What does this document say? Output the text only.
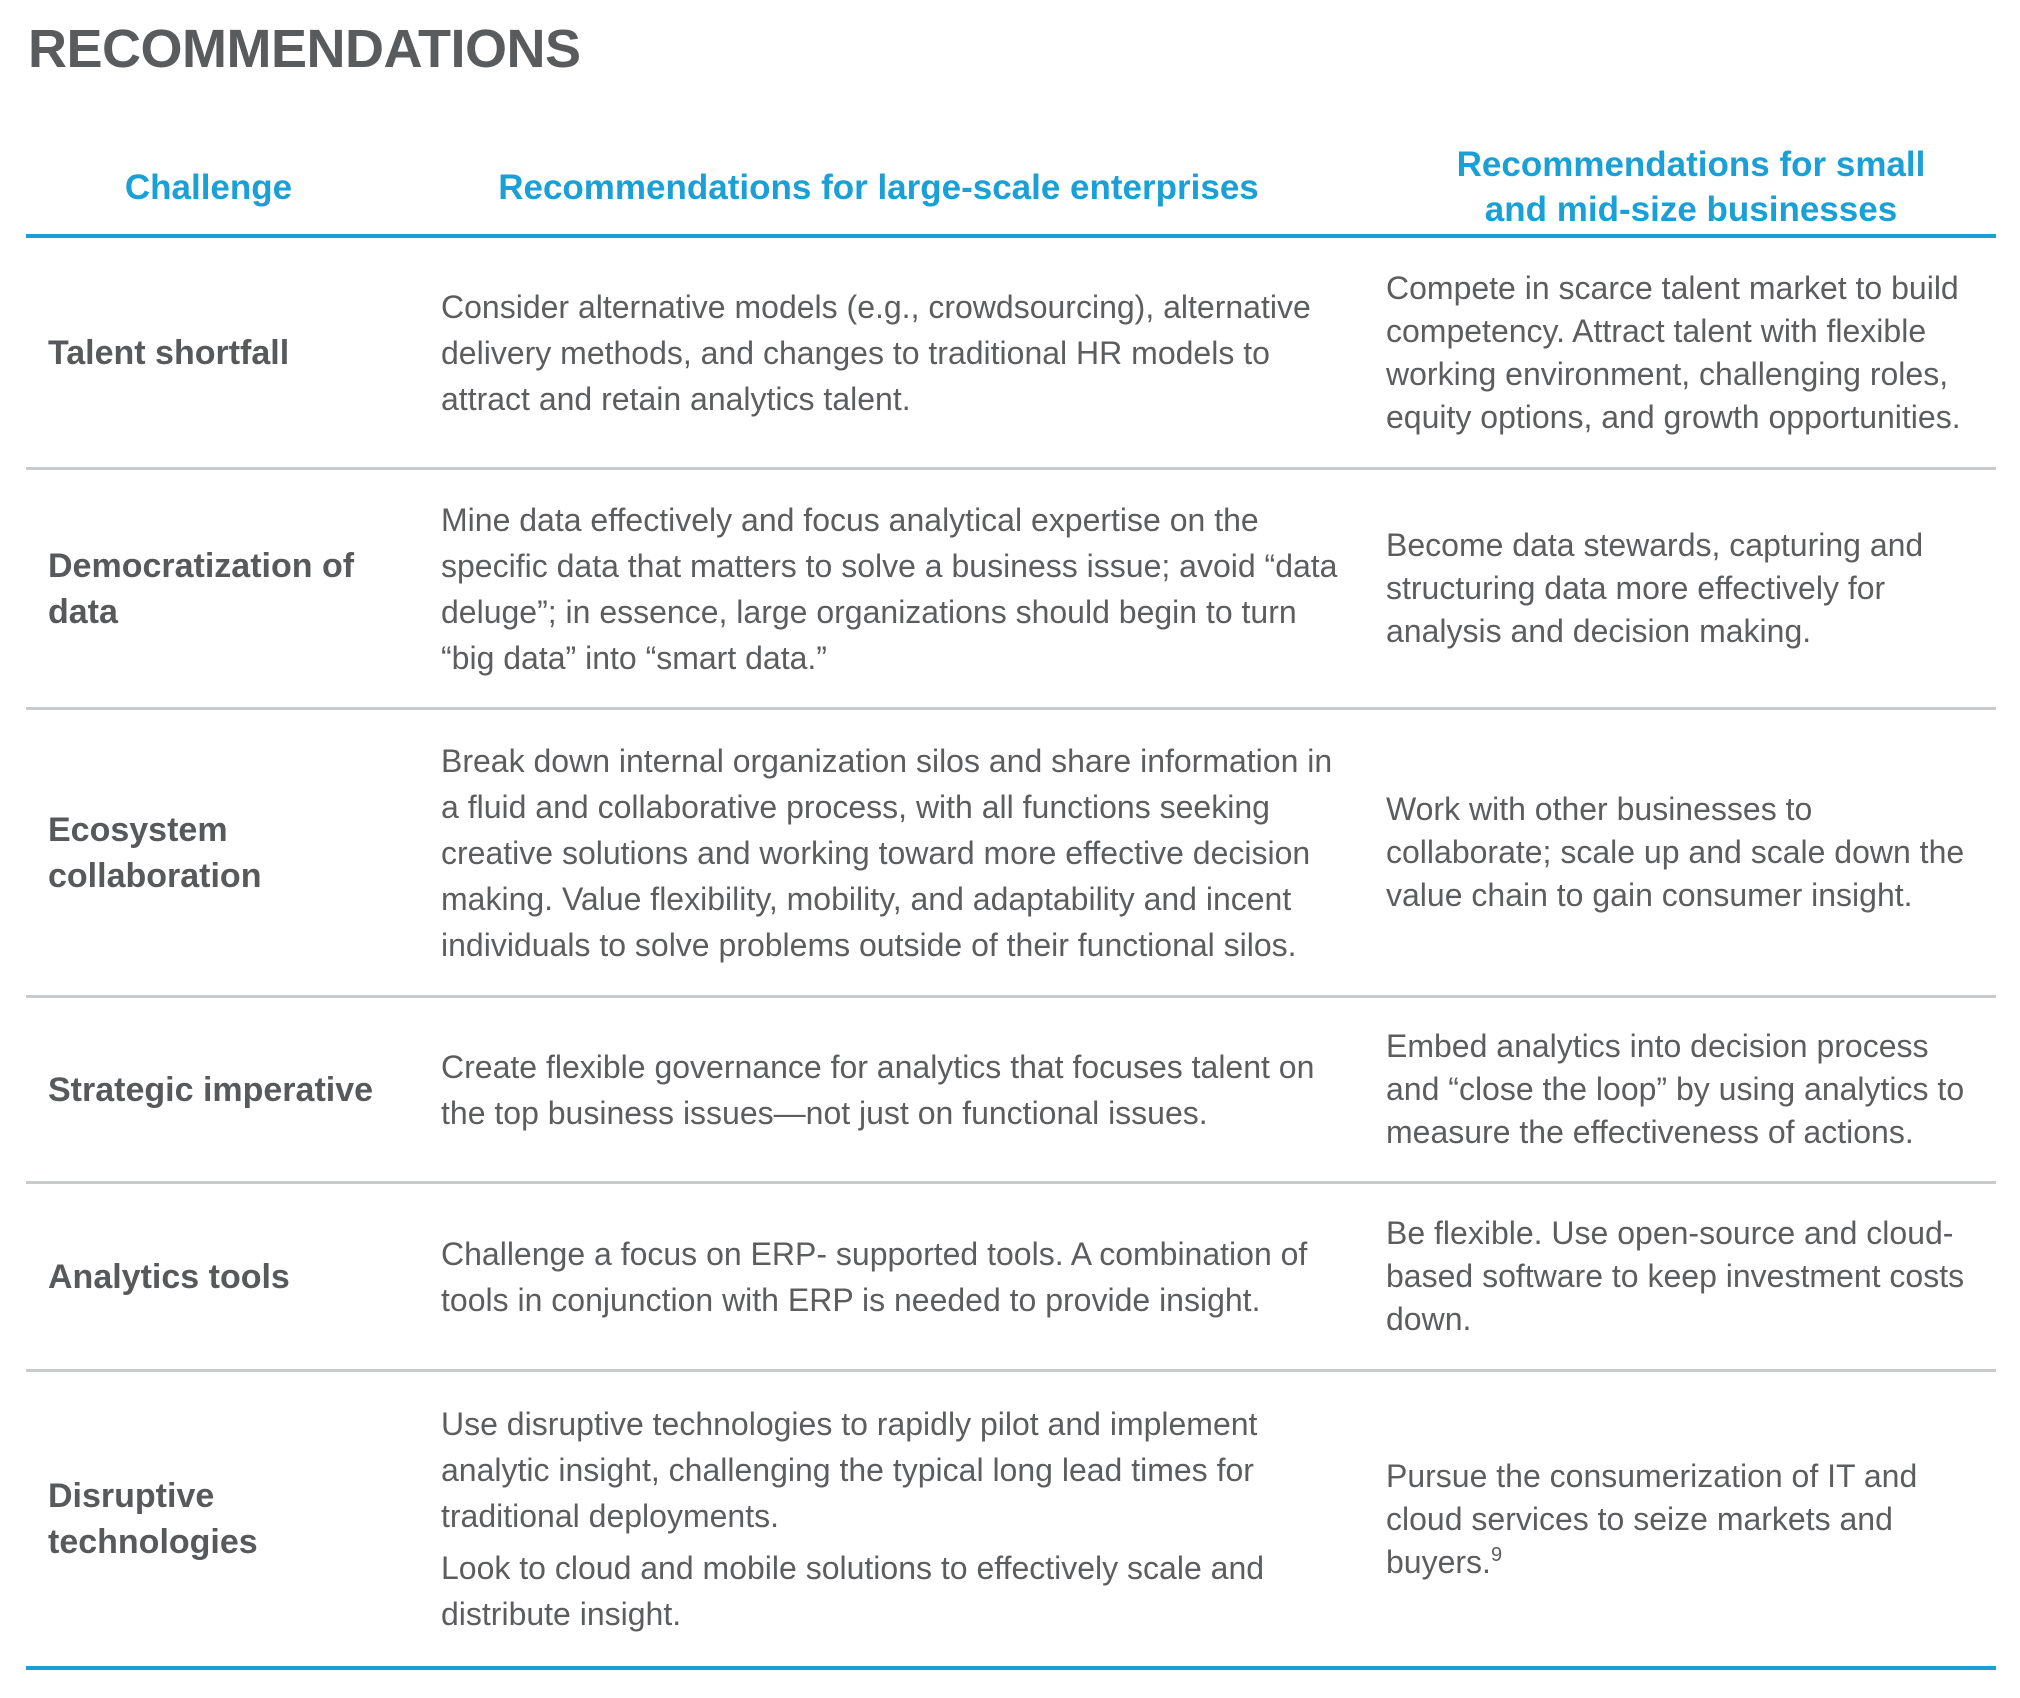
RECOMMENDATIONS
Challenge	Recommendations for large-scale enterprises
Recommendations for small
and mid-size businesses
Talent shortfall
Consider alternative models (e.g., crowdsourcing), alternative delivery methods, and changes to traditional HR models to attract and retain analytics talent.
Compete in scarce talent market to build competency. Attract talent with flexible working environment, challenging roles, equity options, and growth opportunities.
Democratization of data
Mine data effectively and focus analytical expertise on the specific data that matters to solve a business issue; avoid “data deluge”; in essence, large organizations should begin to turn “big data” into “smart data.”
Become data stewards, capturing and structuring data more effectively for analysis and decision making.
Ecosystem collaboration
Break down internal organization silos and share information in a fluid and collaborative process, with all functions seeking creative solutions and working toward more effective decision making. Value flexibility, mobility, and adaptability and incent individuals to solve problems outside of their functional silos.
Work with other businesses to collaborate; scale up and scale down the value chain to gain consumer insight.
Strategic imperative
Create flexible governance for analytics that focuses talent on the top business issues—not just on functional issues.
Embed analytics into decision process and “close the loop” by using analytics to measure the effectiveness of actions.
Analytics tools
Challenge a focus on ERP- supported tools. A combination of tools in conjunction with ERP is needed to provide insight.
Be flexible. Use open-source and cloud-based software to keep investment costs down.
Disruptive technologies

Use disruptive technologies to rapidly pilot and implement analytic insight, challenging the typical long lead times for traditional deployments.

Look to cloud and mobile solutions to effectively scale and distribute insight.

Pursue the consumerization of IT and cloud services to seize markets and buyers.$^9$
